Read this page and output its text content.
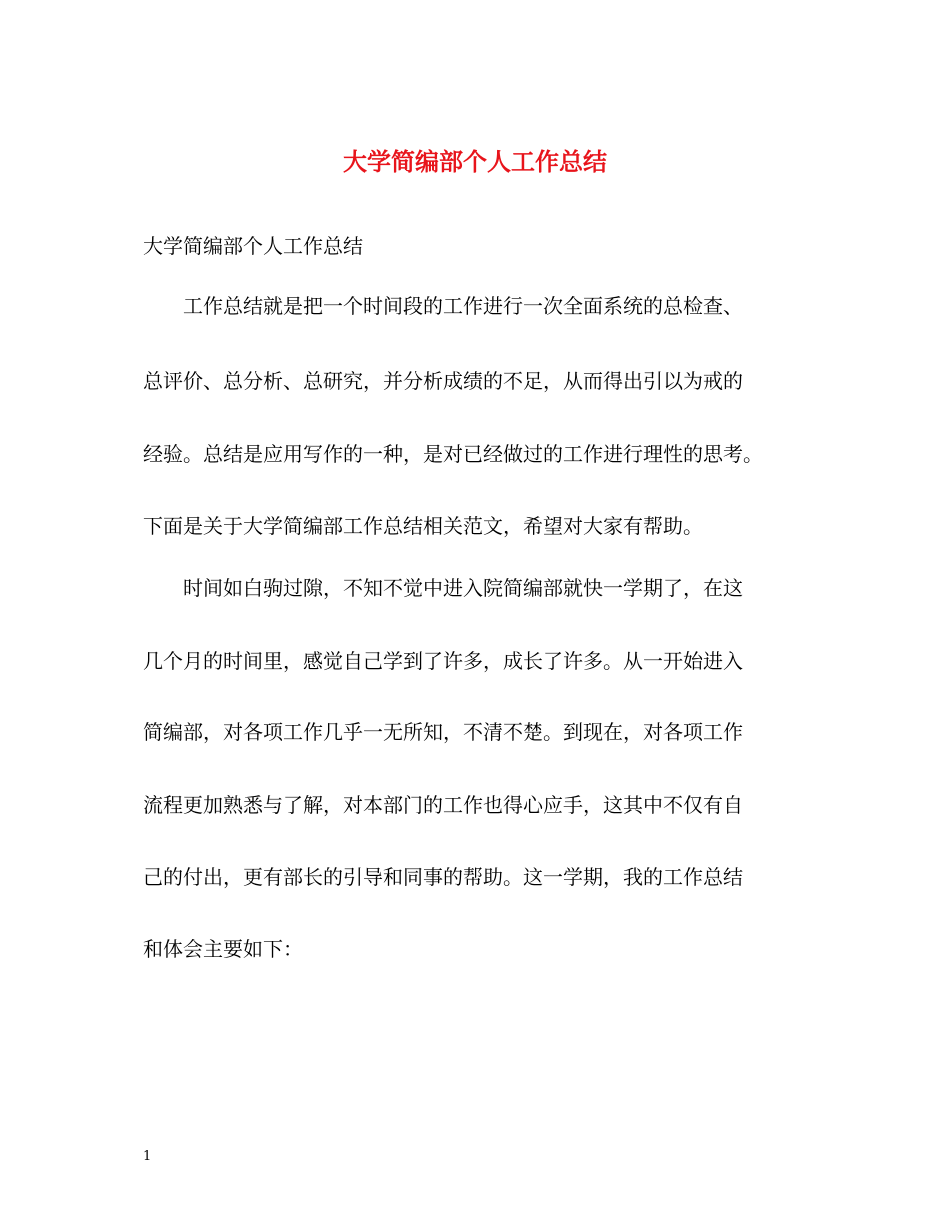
大学简编部个人工作总结
大学简编部个人工作总结
工作总结就是把一个时间段的工作进行一次全面系统的总检查、
总评价、总分析、总研究，并分析成绩的不足，从而得出引以为戒的
经验。总结是应用写作的一种，是对已经做过的工作进行理性的思考。
下面是关于大学简编部工作总结相关范文，希望对大家有帮助。
时间如白驹过隙，不知不觉中进入院简编部就快一学期了，在这
几个月的时间里，感觉自己学到了许多，成长了许多。从一开始进入
简编部，对各项工作几乎一无所知，不清不楚。到现在，对各项工作
流程更加熟悉与了解，对本部门的工作也得心应手，这其中不仅有自
己的付出，更有部长的引导和同事的帮助。这一学期，我的工作总结
和体会主要如下：
1
